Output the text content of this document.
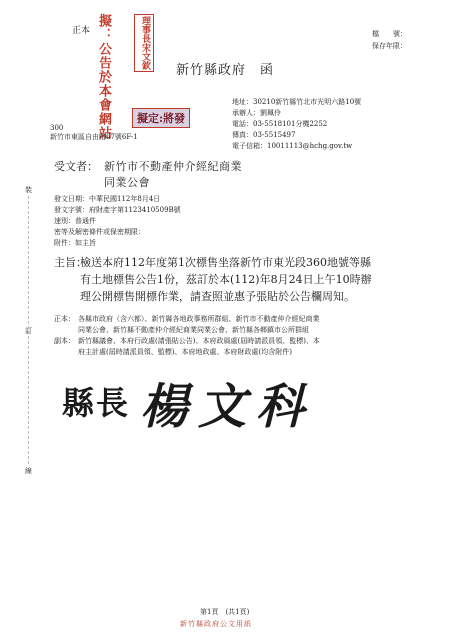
正本	檔　　號：
保存年限：
擬：公告於本會網站	理事長宋文欽
新竹縣政府　函
擬定:將發
300
新竹市東區自由路67號6F-1
地址：30210新竹縣竹北市光明六路10號
承辦人：劉珮伶
電話：03-5518101分機2252
傳真：03-5515497
電子信箱：10011113@hchg.gov.tw
裝
訂
線
受文者： 新竹市不動產仲介經紀商業
同業公會
發文日期：中華民國112年8月4日
發文字號：府財產字第1123410509B號
速別：普通件
密等及解密條件或保密期限：
附件：如主旨
主旨：
檢送本府112年度第1次標售坐落新竹市東光段360地號等縣
有土地標售公告1份，茲訂於本(112)年8月24日上午10時辦
理公開標售開標作業，請查照並惠予張貼於公告欄周知。
正本： 各縣市政府（含六都）、新竹縣各地政事務所群組、新竹市不動產仲介經紀商業
同業公會、新竹縣不動產仲介經紀商業同業公會、新竹縣各鄉鎮市公所群組
副本： 新竹縣議會、本府行政處(請張貼公告)、本府政風處(屆時請派員領、監標)、本
府主計處(屆時請派員領、監標)、本府地政處、本府財政處(均含附件)
縣長 楊文科
第1頁　(共1頁)
新竹縣政府公文用紙
